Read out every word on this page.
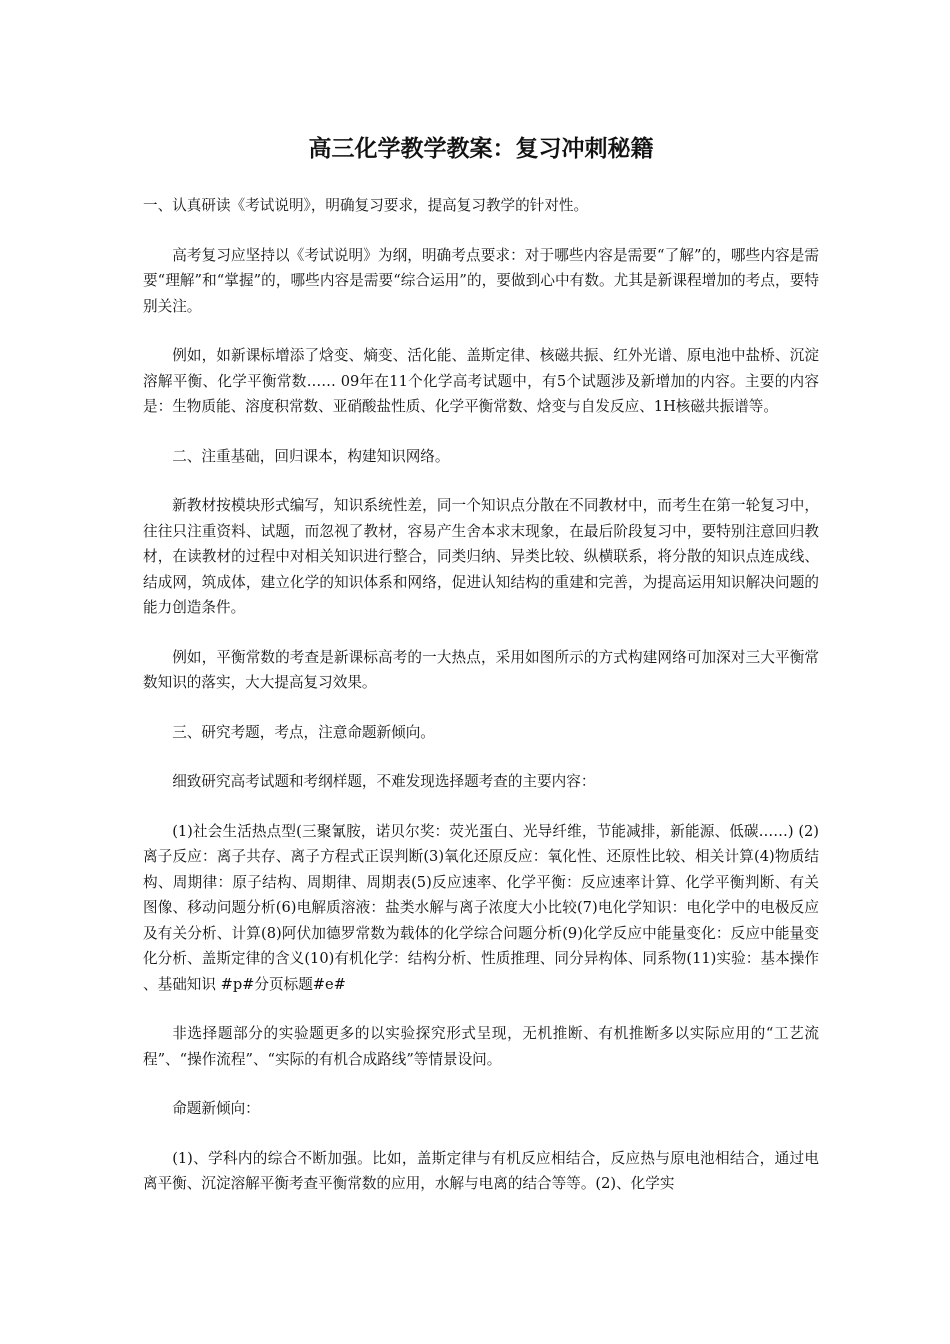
高三化学教学教案：复习冲刺秘籍

一、认真研读《考试说明》，明确复习要求，提高复习教学的针对性。

高考复习应坚持以《考试说明》为纲，明确考点要求：对于哪些内容是需要“了解”的，哪些内容是需要“理解”和“掌握”的，哪些内容是需要“综合运用”的，要做到心中有数。尤其是新课程增加的考点，要特别关注。

例如，如新课标增添了焓变、熵变、活化能、盖斯定律、核磁共振、红外光谱、原电池中盐桥、沉淀溶解平衡、化学平衡常数…… 09年在11个化学高考试题中，有5个试题涉及新增加的内容。主要的内容是：生物质能、溶度积常数、亚硝酸盐性质、化学平衡常数、焓变与自发反应、1H核磁共振谱等。

二、注重基础，回归课本，构建知识网络。

新教材按模块形式编写，知识系统性差，同一个知识点分散在不同教材中，而考生在第一轮复习中，往往只注重资料、试题，而忽视了教材，容易产生舍本求末现象，在最后阶段复习中，要特别注意回归教材，在读教材的过程中对相关知识进行整合，同类归纳、异类比较、纵横联系，将分散的知识点连成线、结成网，筑成体，建立化学的知识体系和网络，促进认知结构的重建和完善，为提高运用知识解决问题的能力创造条件。

例如，平衡常数的考查是新课标高考的一大热点，采用如图所示的方式构建网络可加深对三大平衡常数知识的落实，大大提高复习效果。

三、研究考题，考点，注意命题新倾向。

细致研究高考试题和考纲样题，不难发现选择题考查的主要内容：

(1)社会生活热点型(三聚氰胺，诺贝尔奖：荧光蛋白、光导纤维，节能减排，新能源、低碳……) (2)离子反应：离子共存、离子方程式正误判断(3)氧化还原反应：氧化性、还原性比较、相关计算(4)物质结构、周期律：原子结构、周期律、周期表(5)反应速率、化学平衡：反应速率计算、化学平衡判断、有关图像、移动问题分析(6)电解质溶液：盐类水解与离子浓度大小比较(7)电化学知识：电化学中的电极反应及有关分析、计算(8)阿伏加德罗常数为载体的化学综合问题分析(9)化学反应中能量变化：反应中能量变化分析、盖斯定律的含义(10)有机化学：结构分析、性质推理、同分异构体、同系物(11)实验：基本操作 、基础知识 #p#分页标题#e#

非选择题部分的实验题更多的以实验探究形式呈现，无机推断、有机推断多以实际应用的“工艺流程”、“操作流程”、“实际的有机合成路线”等情景设问。

命题新倾向：

(1)、学科内的综合不断加强。比如，盖斯定律与有机反应相结合，反应热与原电池相结合，通过电离平衡、沉淀溶解平衡考查平衡常数的应用，水解与电离的结合等等。(2)、化学实
